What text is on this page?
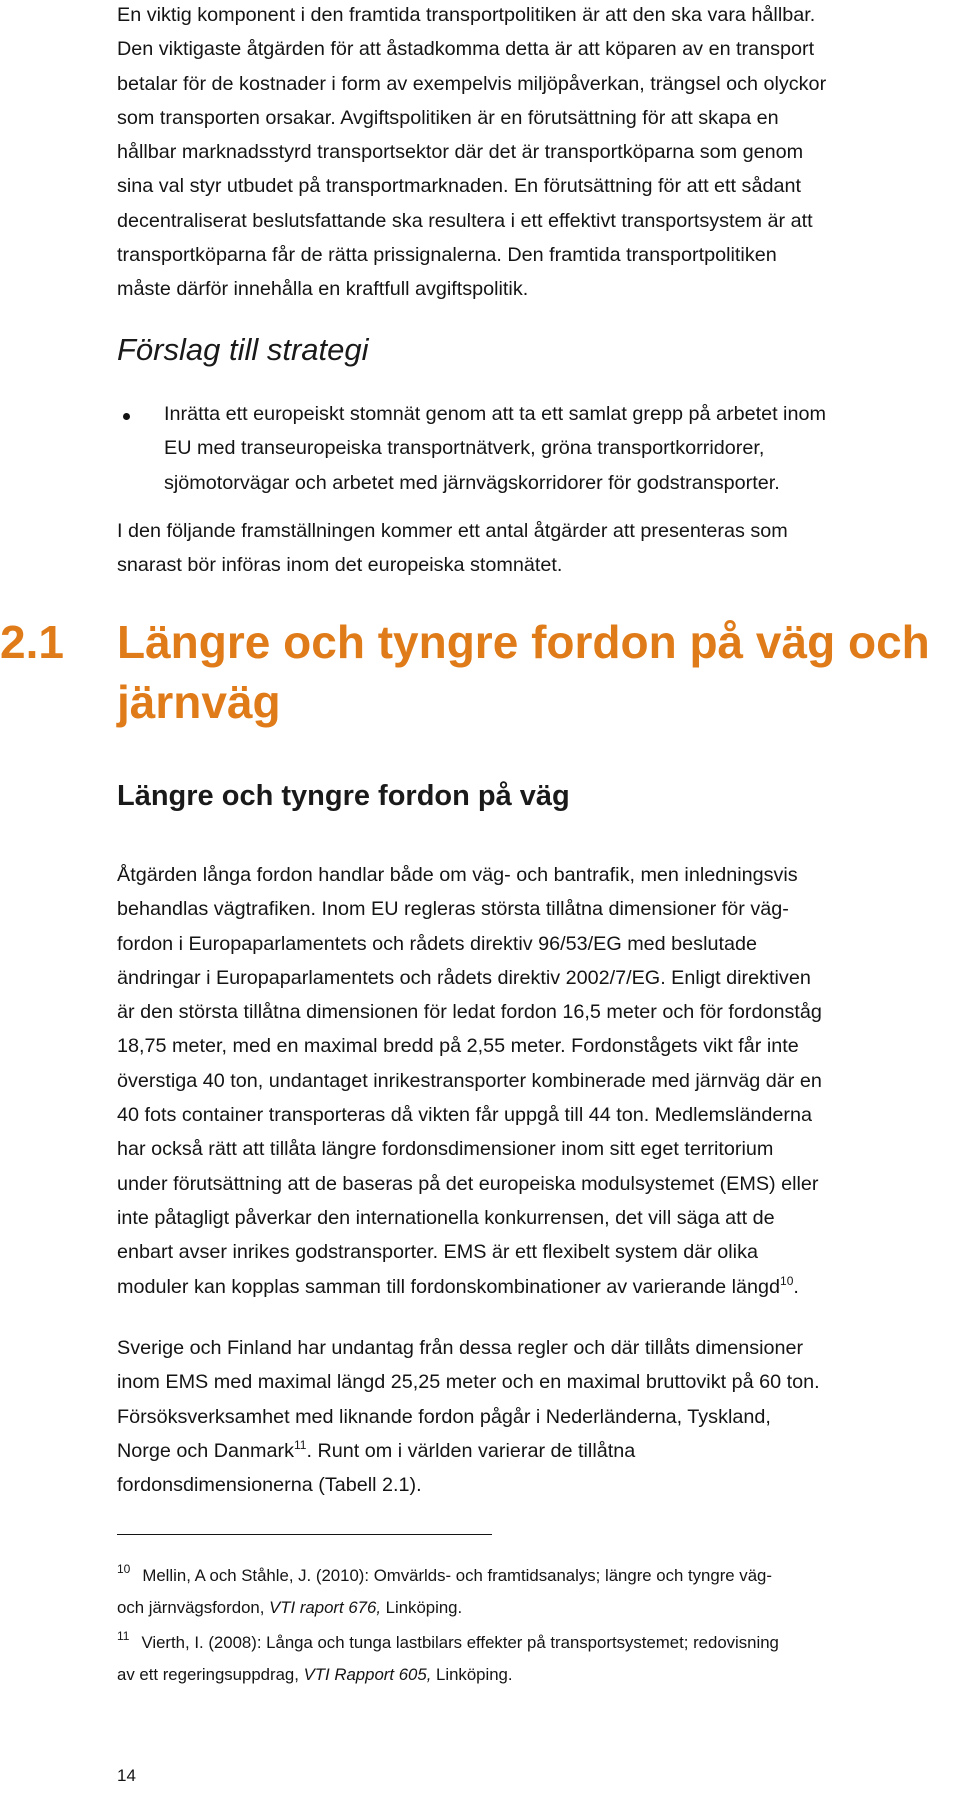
En viktig komponent i den framtida transportpolitiken är att den ska vara hållbar.
Den viktigaste åtgärden för att åstadkomma detta är att köparen av en transport
betalar för de kostnader i form av exempelvis miljöpåverkan, trängsel och olyckor
som transporten orsakar. Avgiftspolitiken är en förutsättning för att skapa en
hållbar marknadsstyrd transportsektor där det är transportköparna som genom
sina val styr utbudet på transportmarknaden. En förutsättning för att ett sådant
decentraliserat beslutsfattande ska resultera i ett effektivt transportsystem är att
transportköparna får de rätta prissignalerna. Den framtida transportpolitiken
måste därför innehålla en kraftfull avgiftspolitik.
Förslag till strategi
Inrätta ett europeiskt stomnät genom att ta ett samlat grepp på arbetet inom
EU med transeuropeiska transportnätverk, gröna transportkorridorer,
sjömotorvägar och arbetet med järnvägskorridorer för godstransporter.
I den följande framställningen kommer ett antal åtgärder att presenteras som
snarast bör införas inom det europeiska stomnätet.
2.1 Längre och tyngre fordon på väg och
järnväg
Längre och tyngre fordon på väg
Åtgärden långa fordon handlar både om väg- och bantrafik, men inledningsvis
behandlas vägtrafiken. Inom EU regleras största tillåtna dimensioner för väg-
fordon i Europaparlamentets och rådets direktiv 96/53/EG med beslutade
ändringar i Europaparlamentets och rådets direktiv 2002/7/EG. Enligt direktiven
är den största tillåtna dimensionen för ledat fordon 16,5 meter och för fordonståg
18,75 meter, med en maximal bredd på 2,55 meter. Fordonstågets vikt får inte
överstiga 40 ton, undantaget inrikestransporter kombinerade med järnväg där en
40 fots container transporteras då vikten får uppgå till 44 ton. Medlemsländerna
har också rätt att tillåta längre fordonsdimensioner inom sitt eget territorium
under förutsättning att de baseras på det europeiska modulsystemet (EMS) eller
inte påtagligt påverkar den internationella konkurrensen, det vill säga att de
enbart avser inrikes godstransporter. EMS är ett flexibelt system där olika
moduler kan kopplas samman till fordonskombinationer av varierande längd$^{10}$.
Sverige och Finland har undantag från dessa regler och där tillåts dimensioner
inom EMS med maximal längd 25,25 meter och en maximal bruttovikt på 60 ton.
Försöksverksamhet med liknande fordon pågår i Nederländerna, Tyskland,
Norge och Danmark$^{11}$. Runt om i världen varierar de tillåtna
fordonsdimensionerna (Tabell 2.1).
$^{10}$ Mellin, A och Ståhle, J. (2010): Omvärlds- och framtidsanalys; längre och tyngre väg-
och järnvägsfordon, VTI raport 676, Linköping.
$^{11}$ Vierth, I. (2008): Långa och tunga lastbilars effekter på transportsystemet; redovisning
av ett regeringsuppdrag, VTI Rapport 605, Linköping.
14
